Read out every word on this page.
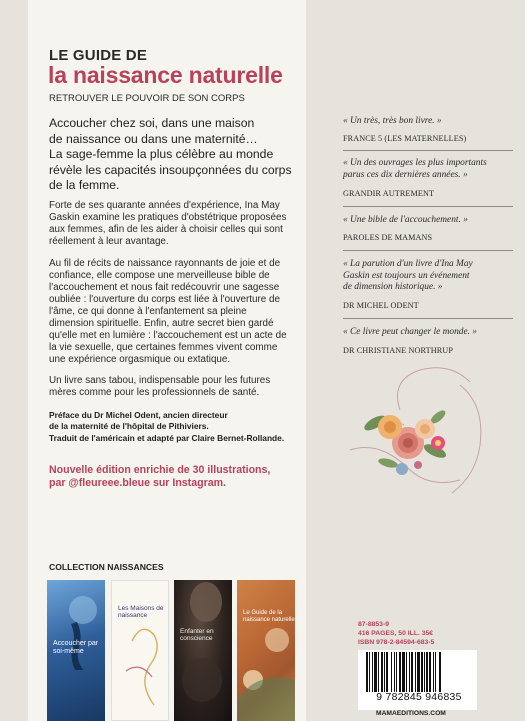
LE GUIDE DE
la naissance naturelle
RETROUVER LE POUVOIR DE SON CORPS
Accoucher chez soi, dans une maison
de naissance ou dans une maternité…
La sage-femme la plus célèbre au monde
révèle les capacités insoupçonnées du corps
de la femme.
Forte de ses quarante années d'expérience, Ina May
Gaskin examine les pratiques d'obstétrique proposées
aux femmes, afin de les aider à choisir celles qui sont
réellement à leur avantage.
Au fil de récits de naissance rayonnants de joie et de
confiance, elle compose une merveilleuse bible de
l'accouchement et nous fait redécouvrir une sagesse
oubliée : l'ouverture du corps est liée à l'ouverture de
l'âme, ce qui donne à l'enfantement sa pleine
dimension spirituelle. Enfin, autre secret bien gardé
qu'elle met en lumière : l'accouchement est un acte de
la vie sexuelle, que certaines femmes vivent comme
une expérience orgasmique ou extatique.
Un livre sans tabou, indispensable pour les futures
mères comme pour les professionnels de santé.
Préface du Dr Michel Odent, ancien directeur
de la maternité de l'hôpital de Pithiviers.
Traduit de l'américain et adapté par Claire Bernet-Rollande.
Nouvelle édition enrichie de 30 illustrations,
par @fleureee.bleue sur Instagram.
COLLECTION NAISSANCES
Accoucher par soi-même
Les Maisons de naissance
Enfanter en conscience
Le Guide de la naissance naturelle
« Un très, très bon livre. »
FRANCE 5 (LES MATERNELLES)
« Un des ouvrages les plus importants
parus ces dix dernières années. »
GRANDIR AUTREMENT
« Une bible de l'accouchement. »
PAROLES DE MAMANS
« La parution d'un livre d'Ina May
Gaskin est toujours un événement
de dimension historique. »
DR MICHEL ODENT
« Ce livre peut changer le monde. »
DR CHRISTIANE NORTHRUP
87-8853-9
416 PAGES, 50 ILL. 35€
ISBN 978-2-84594-683-5
9 782845 946835
MAMAEDITIONS.COM
